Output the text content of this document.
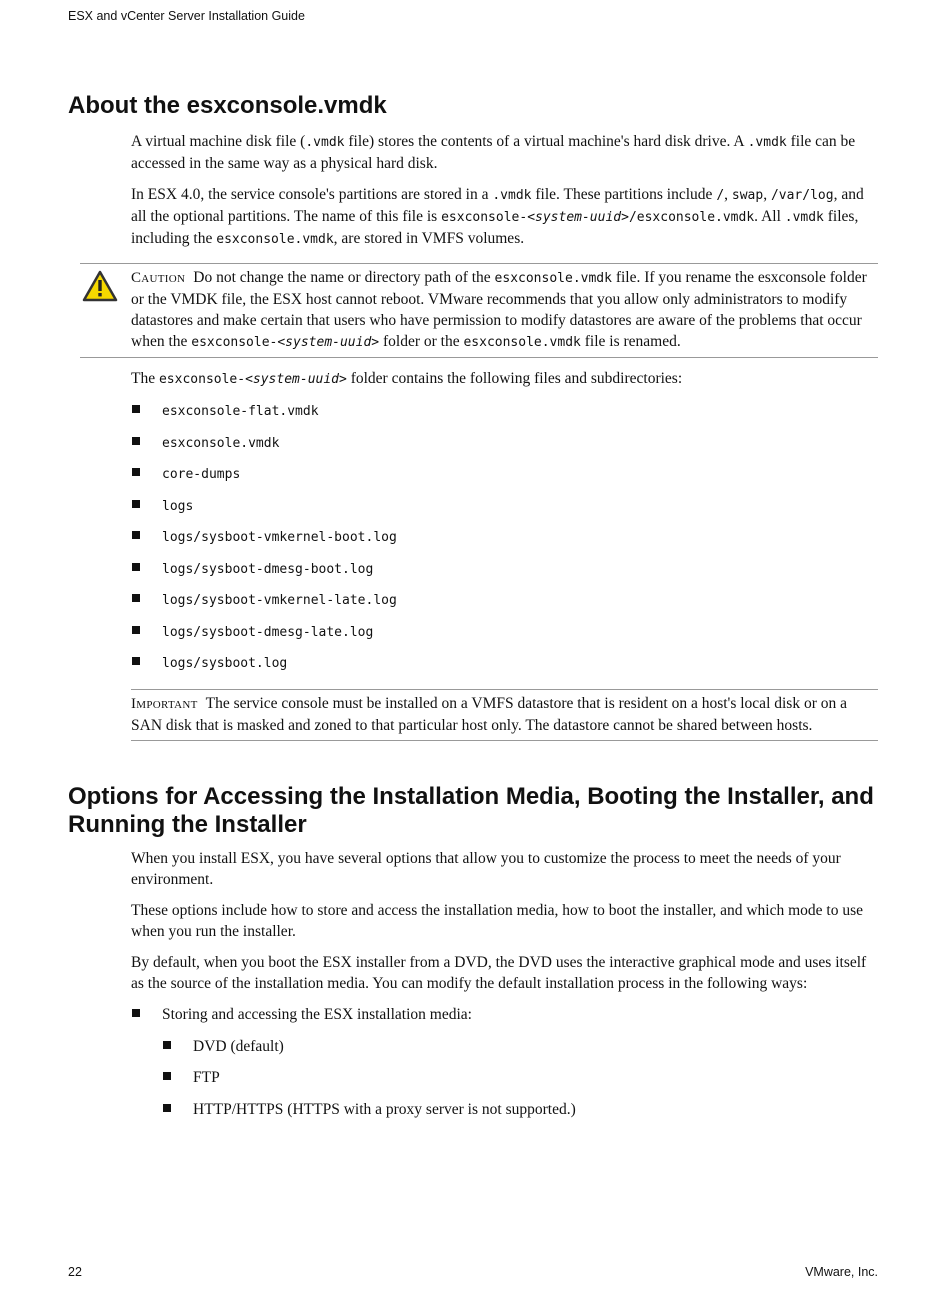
ESX and vCenter Server Installation Guide
About the esxconsole.vmdk

A virtual machine disk file (.vmdk file) stores the contents of a virtual machine's hard disk drive. A .vmdk file can be accessed in the same way as a physical hard disk.

In ESX 4.0, the service console's partitions are stored in a .vmdk file. These partitions include /, swap, /var/log, and all the optional partitions. The name of this file is esxconsole-<system-uuid>/esxconsole.vmdk. All .vmdk files, including the esxconsole.vmdk, are stored in VMFS volumes.

Caution Do not change the name or directory path of the esxconsole.vmdk file. If you rename the esxconsole folder or the VMDK file, the ESX host cannot reboot. VMware recommends that you allow only administrators to modify datastores and make certain that users who have permission to modify datastores are aware of the problems that occur when the esxconsole-<system-uuid> folder or the esxconsole.vmdk file is renamed.

The esxconsole-<system-uuid> folder contains the following files and subdirectories:

esxconsole-flat.vmdk
esxconsole.vmdk
core-dumps
logs
logs/sysboot-vmkernel-boot.log
logs/sysboot-dmesg-boot.log
logs/sysboot-vmkernel-late.log
logs/sysboot-dmesg-late.log
logs/sysboot.log
Important The service console must be installed on a VMFS datastore that is resident on a host's local disk or on a SAN disk that is masked and zoned to that particular host only. The datastore cannot be shared between hosts.
Options for Accessing the Installation Media, Booting the Installer, and Running the Installer

When you install ESX, you have several options that allow you to customize the process to meet the needs of your environment.

These options include how to store and access the installation media, how to boot the installer, and which mode to use when you run the installer.

By default, when you boot the ESX installer from a DVD, the DVD uses the interactive graphical mode and uses itself as the source of the installation media. You can modify the default installation process in the following ways:

Storing and accessing the ESX installation media:
DVD (default)
FTP
HTTP/HTTPS (HTTPS with a proxy server is not supported.)
22	VMware, Inc.
